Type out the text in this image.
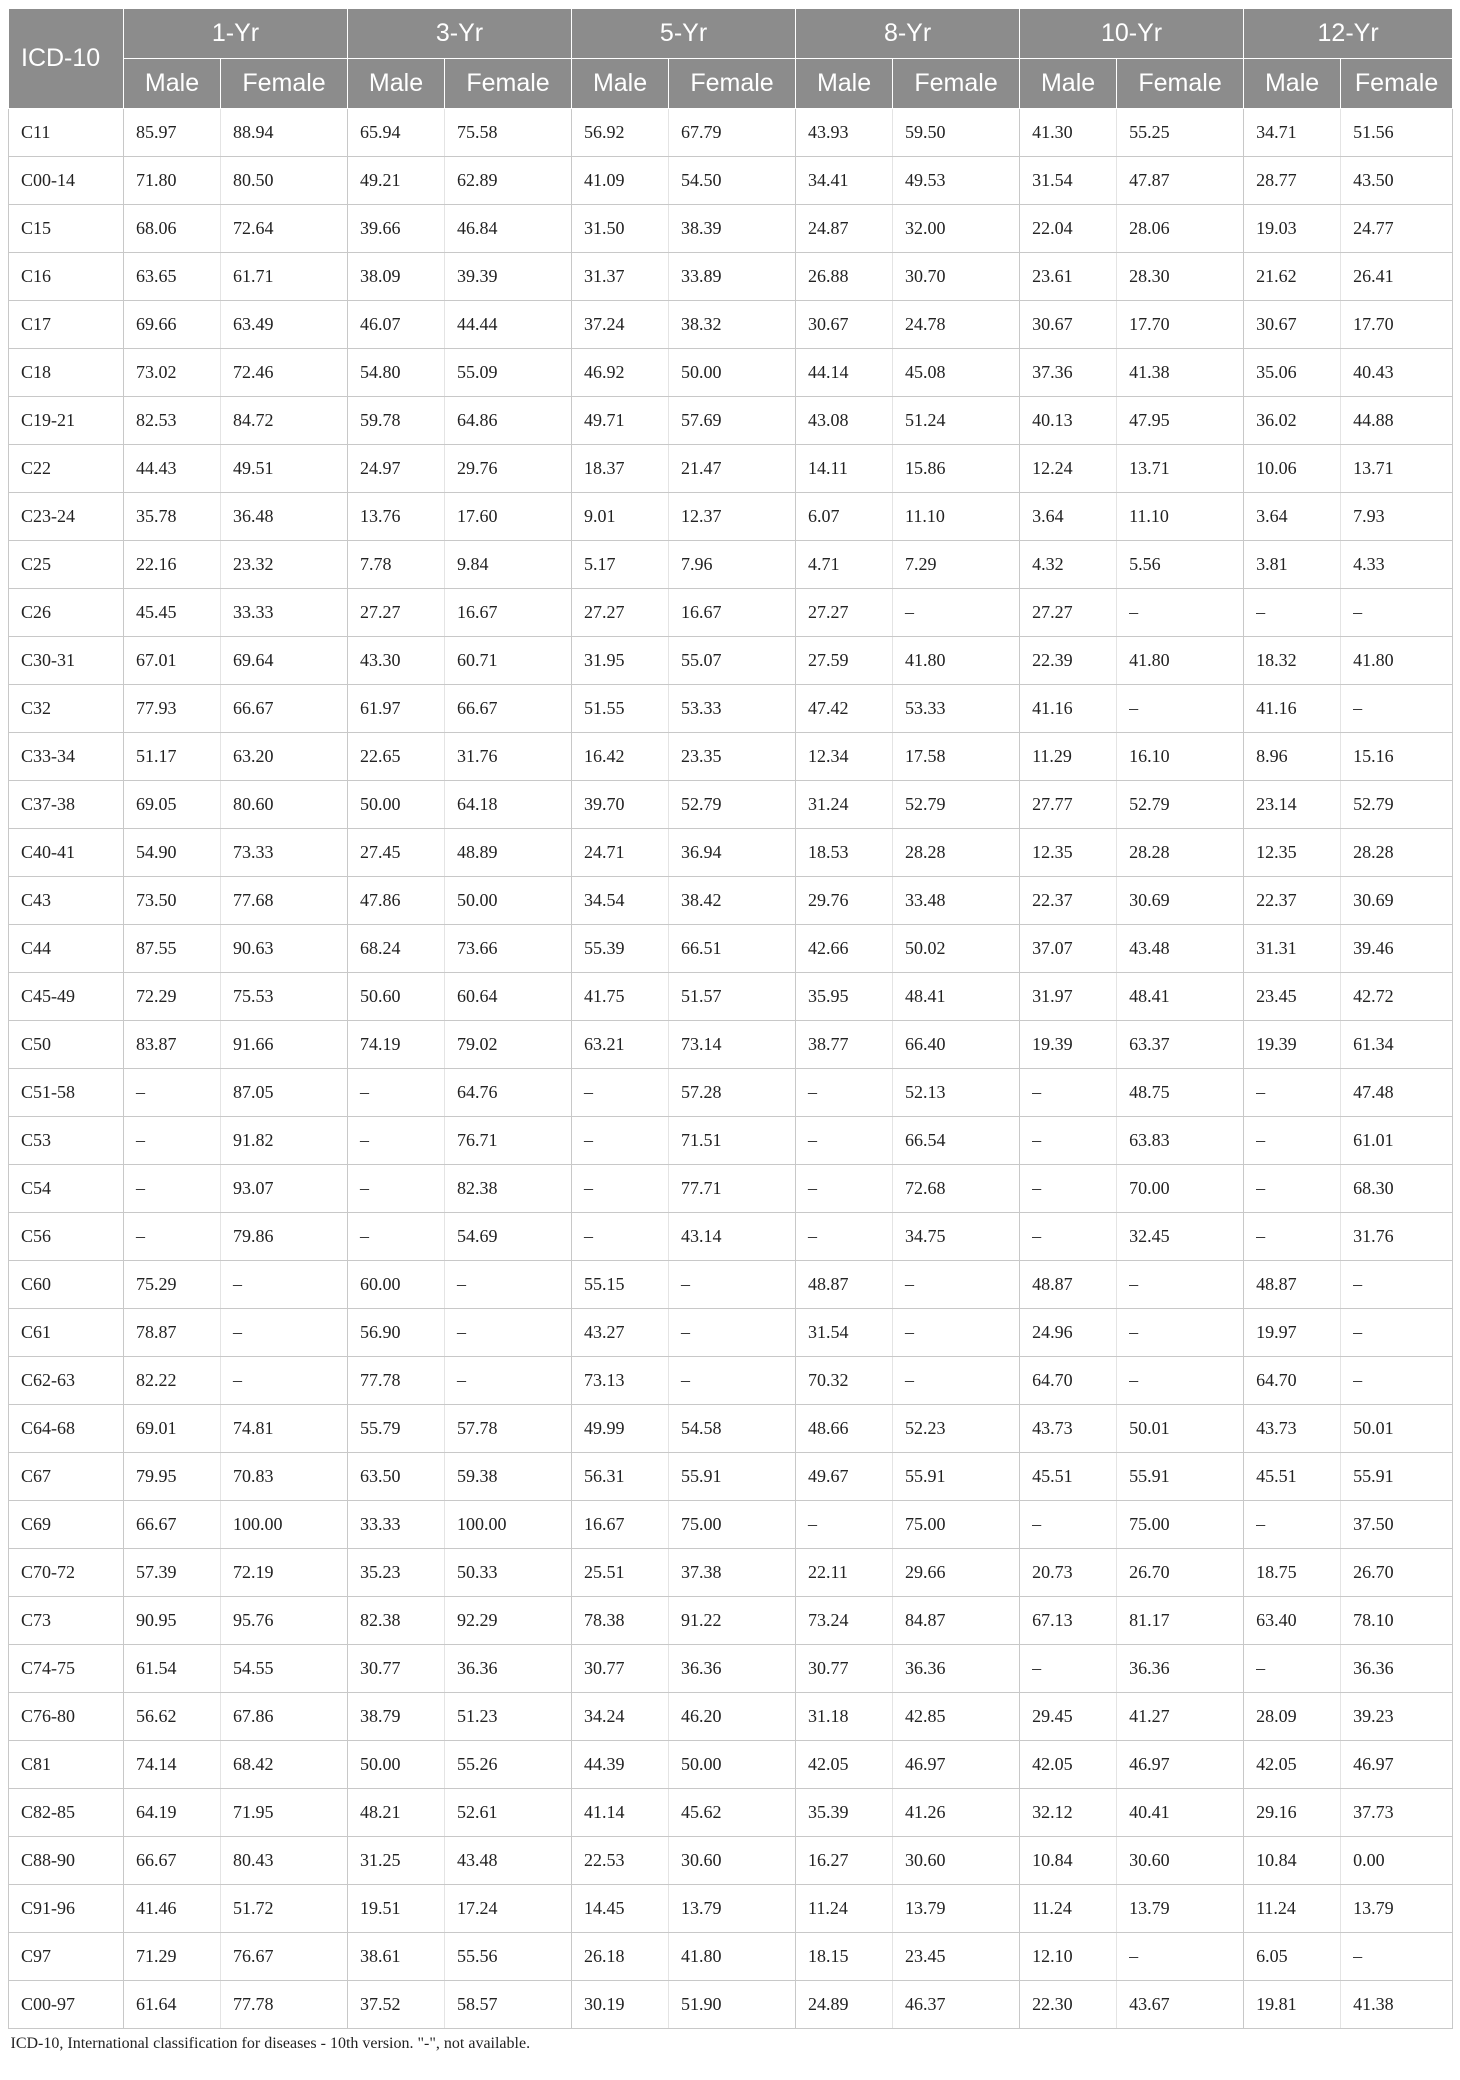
ICD-10	1-Yr		3-Yr		5-Yr		8-Yr		10-Yr		12-Yr	
	Male	Female	Male	Female	Male	Female	Male	Female	Male	Female	Male	Female
C11	85.97	88.94	65.94	75.58	56.92	67.79	43.93	59.50	41.30	55.25	34.71	51.56
C00-14	71.80	80.50	49.21	62.89	41.09	54.50	34.41	49.53	31.54	47.87	28.77	43.50
C15	68.06	72.64	39.66	46.84	31.50	38.39	24.87	32.00	22.04	28.06	19.03	24.77
C16	63.65	61.71	38.09	39.39	31.37	33.89	26.88	30.70	23.61	28.30	21.62	26.41
C17	69.66	63.49	46.07	44.44	37.24	38.32	30.67	24.78	30.67	17.70	30.67	17.70
C18	73.02	72.46	54.80	55.09	46.92	50.00	44.14	45.08	37.36	41.38	35.06	40.43
C19-21	82.53	84.72	59.78	64.86	49.71	57.69	43.08	51.24	40.13	47.95	36.02	44.88
C22	44.43	49.51	24.97	29.76	18.37	21.47	14.11	15.86	12.24	13.71	10.06	13.71
C23-24	35.78	36.48	13.76	17.60	9.01	12.37	6.07	11.10	3.64	11.10	3.64	7.93
C25	22.16	23.32	7.78	9.84	5.17	7.96	4.71	7.29	4.32	5.56	3.81	4.33
C26	45.45	33.33	27.27	16.67	27.27	16.67	27.27	–	27.27	–	–	–
C30-31	67.01	69.64	43.30	60.71	31.95	55.07	27.59	41.80	22.39	41.80	18.32	41.80
C32	77.93	66.67	61.97	66.67	51.55	53.33	47.42	53.33	41.16	–	41.16	–
C33-34	51.17	63.20	22.65	31.76	16.42	23.35	12.34	17.58	11.29	16.10	8.96	15.16
C37-38	69.05	80.60	50.00	64.18	39.70	52.79	31.24	52.79	27.77	52.79	23.14	52.79
C40-41	54.90	73.33	27.45	48.89	24.71	36.94	18.53	28.28	12.35	28.28	12.35	28.28
C43	73.50	77.68	47.86	50.00	34.54	38.42	29.76	33.48	22.37	30.69	22.37	30.69
C44	87.55	90.63	68.24	73.66	55.39	66.51	42.66	50.02	37.07	43.48	31.31	39.46
C45-49	72.29	75.53	50.60	60.64	41.75	51.57	35.95	48.41	31.97	48.41	23.45	42.72
C50	83.87	91.66	74.19	79.02	63.21	73.14	38.77	66.40	19.39	63.37	19.39	61.34
C51-58	–	87.05	–	64.76	–	57.28	–	52.13	–	48.75	–	47.48
C53	–	91.82	–	76.71	–	71.51	–	66.54	–	63.83	–	61.01
C54	–	93.07	–	82.38	–	77.71	–	72.68	–	70.00	–	68.30
C56	–	79.86	–	54.69	–	43.14	–	34.75	–	32.45	–	31.76
C60	75.29	–	60.00	–	55.15	–	48.87	–	48.87	–	48.87	–
C61	78.87	–	56.90	–	43.27	–	31.54	–	24.96	–	19.97	–
C62-63	82.22	–	77.78	–	73.13	–	70.32	–	64.70	–	64.70	–
C64-68	69.01	74.81	55.79	57.78	49.99	54.58	48.66	52.23	43.73	50.01	43.73	50.01
C67	79.95	70.83	63.50	59.38	56.31	55.91	49.67	55.91	45.51	55.91	45.51	55.91
C69	66.67	100.00	33.33	100.00	16.67	75.00	–	75.00	–	75.00	–	37.50
C70-72	57.39	72.19	35.23	50.33	25.51	37.38	22.11	29.66	20.73	26.70	18.75	26.70
C73	90.95	95.76	82.38	92.29	78.38	91.22	73.24	84.87	67.13	81.17	63.40	78.10
C74-75	61.54	54.55	30.77	36.36	30.77	36.36	30.77	36.36	–	36.36	–	36.36
C76-80	56.62	67.86	38.79	51.23	34.24	46.20	31.18	42.85	29.45	41.27	28.09	39.23
C81	74.14	68.42	50.00	55.26	44.39	50.00	42.05	46.97	42.05	46.97	42.05	46.97
C82-85	64.19	71.95	48.21	52.61	41.14	45.62	35.39	41.26	32.12	40.41	29.16	37.73
C88-90	66.67	80.43	31.25	43.48	22.53	30.60	16.27	30.60	10.84	30.60	10.84	0.00
C91-96	41.46	51.72	19.51	17.24	14.45	13.79	11.24	13.79	11.24	13.79	11.24	13.79
C97	71.29	76.67	38.61	55.56	26.18	41.80	18.15	23.45	12.10	–	6.05	–
C00-97	61.64	77.78	37.52	58.57	30.19	51.90	24.89	46.37	22.30	43.67	19.81	41.38
ICD-10, International classification for diseases - 10th version. "-", not available.												
